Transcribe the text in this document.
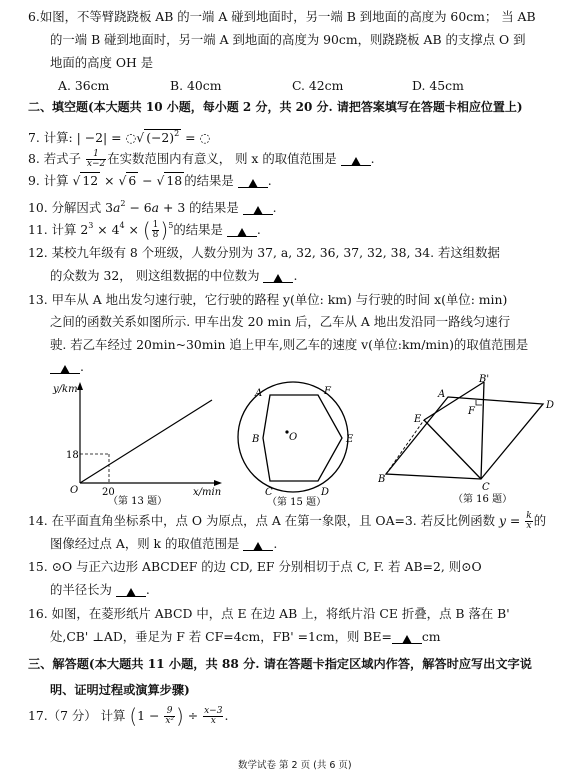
6.如图，不等臂跷跷板 AB 的一端 A 碰到地面时，另一端 B 到地面的高度为 60cm； 当 AB
的一端 B 碰到地面时，另一端 A 到地面的高度为 90cm，则跷跷板 AB 的支撑点 O 到
地面的高度 OH 是
A. 36cm	B. 40cm	C. 42cm	D. 45cm
二、填空题(本大题共 10 小题，每小题 2 分，共 20 分. 请把答案填写在答题卡相应位置上)
7. 计算: | −2| = ◌√ $(-2)^2$ = ◌
8. 若式子 $\frac{1}{x-2}$ 在实数范围内有意义， 则 x 的取值范围是	.
9. 计算 √ 12 × √ 6 − √ 18 的结果是	.
10. 分解因式 $3a^2 - 6a + 3$ 的结果是	.
11. 计算 $2^3 \times 4^4$ × ( $\frac{1}{8} )^5$的结果是	.
12. 某校九年级有 8 个班级，人数分别为 37, a, 32, 36, 37, 32, 38, 34. 若这组数据
的众数为 32， 则这组数据的中位数为	.
13. 甲车从 A 地出发匀速行驶，它行驶的路程 y(单位: km) 与行驶的时间 x(单位: min)
之间的函数关系如图所示. 甲车出发 20 min 后，乙车从 A 地出发沿同一路线匀速行
驶. 若乙车经过 20min~30min 追上甲车,则乙车的速度 v(单位:km/min)的取值范围是
.
y/km
18
20
O	x/min
（第 13 题）
A
B
C	D
E
F
O
（第 15 题）
A
B'
D
E
F
B
C
（第 16 题）
14. 在平面直角坐标系中，点 O 为原点，点 A 在第一象限，且 OA=3. 若反比例函数 $y = \frac{k}{x}$ 的
图像经过点 A，则 k 的取值范围是	.
15. ⊙O 与正六边形 ABCDEF 的边 CD, EF 分别相切于点 C, F. 若 AB=2, 则⊙O
的半径长为	.
16. 如图，在菱形纸片 ABCD 中，点 E 在边 AB 上，将纸片沿 CE 折叠，点 B 落在 B'
处,CB' ⊥AD，垂足为 F 若 CF=4cm，FB' =1cm，则 BE= cm
三、解答题(本大题共 11 小题，共 88 分. 请在答题卡指定区域内作答，解答时应写出文字说
明、证明过程或演算步骤)
17.（7 分） 计算 ($1 - \frac{9}{\text{x²}}$ ) ÷ $\frac{x-3}{x}$ .
数学试卷 第 2 页 (共 6 页)
